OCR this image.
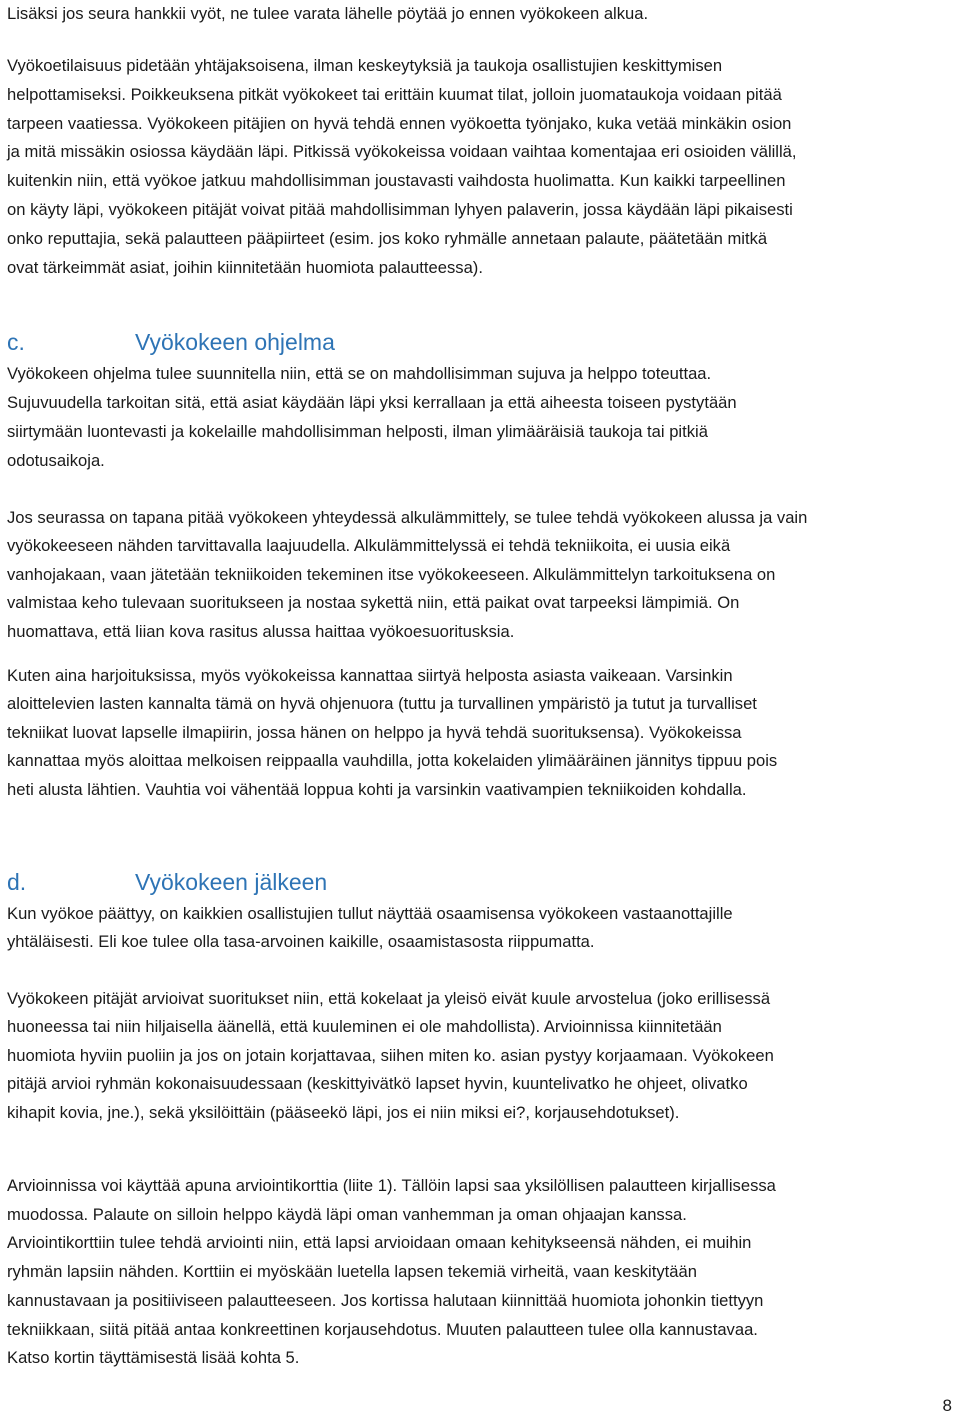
Lisäksi jos seura hankkii vyöt, ne tulee varata lähelle pöytää jo ennen vyökokeen alkua.
Vyökoetilaisuus pidetään yhtäjaksoisena, ilman keskeytyksiä ja taukoja osallistujien keskittymisen
helpottamiseksi. Poikkeuksena pitkät vyökokeet tai erittäin kuumat tilat, jolloin juomataukoja voidaan pitää
tarpeen vaatiessa. Vyökokeen pitäjien on hyvä tehdä ennen vyökoetta työnjako, kuka vetää minkäkin osion
ja mitä missäkin osiossa käydään läpi. Pitkissä vyökokeissa voidaan vaihtaa komentajaa eri osioiden välillä,
kuitenkin niin, että vyökoe jatkuu mahdollisimman joustavasti vaihdosta huolimatta. Kun kaikki tarpeellinen
on käyty läpi, vyökokeen pitäjät voivat pitää mahdollisimman lyhyen palaverin, jossa käydään läpi pikaisesti
onko reputtajia, sekä palautteen pääpiirteet (esim. jos koko ryhmälle annetaan palaute, päätetään mitkä
ovat tärkeimmät asiat, joihin kiinnitetään huomiota palautteessa).
c.	Vyökokeen ohjelma
Vyökokeen ohjelma tulee suunnitella niin, että se on mahdollisimman sujuva ja helppo toteuttaa.
Sujuvuudella tarkoitan sitä, että asiat käydään läpi yksi kerrallaan ja että aiheesta toiseen pystytään
siirtymään luontevasti ja kokelaille mahdollisimman helposti, ilman ylimääräisiä taukoja tai pitkiä
odotusaikoja.
Jos seurassa on tapana pitää vyökokeen yhteydessä alkulämmittely, se tulee tehdä vyökokeen alussa ja vain
vyökokeeseen nähden tarvittavalla laajuudella. Alkulämmittelyssä ei tehdä tekniikoita, ei uusia eikä
vanhojakaan, vaan jätetään tekniikoiden tekeminen itse vyökokeeseen. Alkulämmittelyn tarkoituksena on
valmistaa keho tulevaan suoritukseen ja nostaa sykettä niin, että paikat ovat tarpeeksi lämpimiä. On
huomattava, että liian kova rasitus alussa haittaa vyökoesuoritusksia.
Kuten aina harjoituksissa, myös vyökokeissa kannattaa siirtyä helposta asiasta vaikeaan. Varsinkin
aloittelevien lasten kannalta tämä on hyvä ohjenuora (tuttu ja turvallinen ympäristö ja tutut ja turvalliset
tekniikat luovat lapselle ilmapiirin, jossa hänen on helppo ja hyvä tehdä suorituksensa). Vyökokeissa
kannattaa myös aloittaa melkoisen reippaalla vauhdilla, jotta kokelaiden ylimääräinen jännitys tippuu pois
heti alusta lähtien. Vauhtia voi vähentää loppua kohti ja varsinkin vaativampien tekniikoiden kohdalla.
d.	Vyökokeen jälkeen
Kun vyökoe päättyy, on kaikkien osallistujien tullut näyttää osaamisensa vyökokeen vastaanottajille
yhtäläisesti. Eli koe tulee olla tasa-arvoinen kaikille, osaamistasosta riippumatta.
Vyökokeen pitäjät arvioivat suoritukset niin, että kokelaat ja yleisö eivät kuule arvostelua (joko erillisessä
huoneessa tai niin hiljaisella äänellä, että kuuleminen ei ole mahdollista). Arvioinnissa kiinnitetään
huomiota hyviin puoliin ja jos on jotain korjattavaa, siihen miten ko. asian pystyy korjaamaan. Vyökokeen
pitäjä arvioi ryhmän kokonaisuudessaan (keskittyivätkö lapset hyvin, kuuntelivatko he ohjeet, olivatko
kihapit kovia, jne.), sekä yksilöittäin (pääseekö läpi, jos ei niin miksi ei?, korjausehdotukset).
Arvioinnissa voi käyttää apuna arviointikorttia (liite 1). Tällöin lapsi saa yksilöllisen palautteen kirjallisessa
muodossa. Palaute on silloin helppo käydä läpi oman vanhemman ja oman ohjaajan kanssa.
Arviointikorttiin tulee tehdä arviointi niin, että lapsi arvioidaan omaan kehitykseensä nähden, ei muihin
ryhmän lapsiin nähden. Korttiin ei myöskään luetella lapsen tekemiä virheitä, vaan keskitytään
kannustavaan ja positiiviseen palautteeseen. Jos kortissa halutaan kiinnittää huomiota johonkin tiettyyn
tekniikkaan, siitä pitää antaa konkreettinen korjausehdotus. Muuten palautteen tulee olla kannustavaa.
Katso kortin täyttämisestä lisää kohta 5.
8
